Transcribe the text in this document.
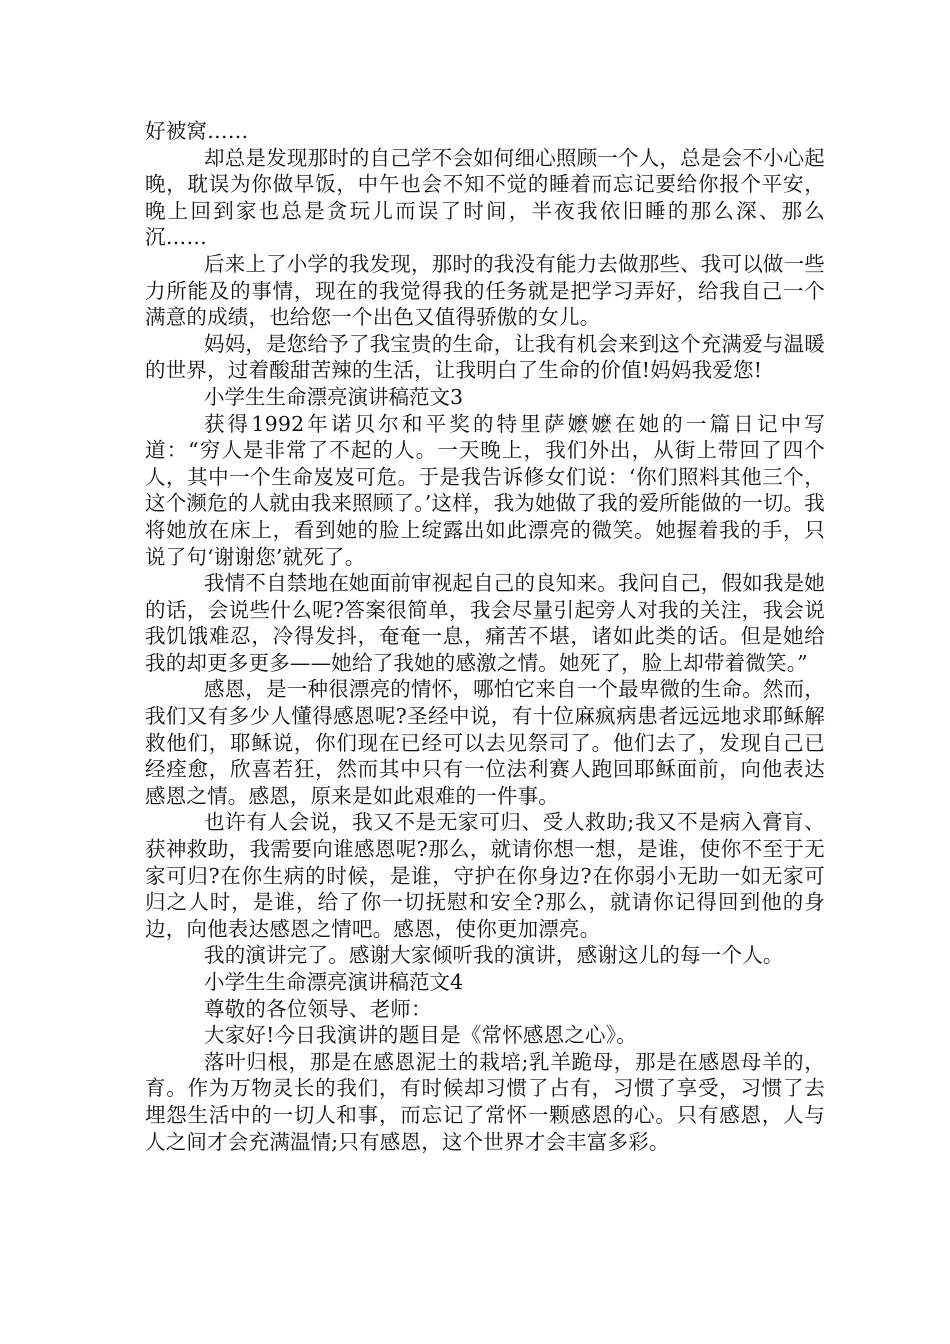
好被窝……

却总是发现那时的自己学不会如何细心照顾一个人，总是会不小心起晚，耽误为你做早饭，中午也会不知不觉的睡着而忘记要给你报个平安，晚上回到家也总是贪玩儿而误了时间，半夜我依旧睡的那么深、那么沉……

后来上了小学的我发现，那时的我没有能力去做那些、我可以做一些力所能及的事情，现在的我觉得我的任务就是把学习弄好，给我自己一个满意的成绩，也给您一个出色又值得骄傲的女儿。

妈妈，是您给予了我宝贵的生命，让我有机会来到这个充满爱与温暖的世界，过着酸甜苦辣的生活，让我明白了生命的价值!妈妈我爱您!

小学生生命漂亮演讲稿范文3

获得1992年诺贝尔和平奖的特里萨嬷嬷在她的一篇日记中写道：“穷人是非常了不起的人。一天晚上，我们外出，从街上带回了四个人，其中一个生命岌岌可危。于是我告诉修女们说：‘你们照料其他三个，这个濒危的人就由我来照顾了。’这样，我为她做了我的爱所能做的一切。我将她放在床上，看到她的脸上绽露出如此漂亮的微笑。她握着我的手，只说了句‘谢谢您’就死了。

我情不自禁地在她面前审视起自己的良知来。我问自己，假如我是她的话，会说些什么呢?答案很简单，我会尽量引起旁人对我的关注，我会说我饥饿难忍，冷得发抖，奄奄一息，痛苦不堪，诸如此类的话。但是她给我的却更多更多——她给了我她的感激之情。她死了，脸上却带着微笑。”

感恩，是一种很漂亮的情怀，哪怕它来自一个最卑微的生命。然而，我们又有多少人懂得感恩呢?圣经中说，有十位麻疯病患者远远地求耶稣解救他们，耶稣说，你们现在已经可以去见祭司了。他们去了，发现自己已经痊愈，欣喜若狂，然而其中只有一位法利赛人跑回耶稣面前，向他表达感恩之情。感恩，原来是如此艰难的一件事。

也许有人会说，我又不是无家可归、受人救助;我又不是病入膏肓、获神救助，我需要向谁感恩呢?那么，就请你想一想，是谁，使你不至于无家可归?在你生病的时候，是谁，守护在你身边?在你弱小无助一如无家可归之人时，是谁，给了你一切抚慰和安全?那么，就请你记得回到他的身边，向他表达感恩之情吧。感恩，使你更加漂亮。

我的演讲完了。感谢大家倾听我的演讲，感谢这儿的每一个人。

小学生生命漂亮演讲稿范文4

尊敬的各位领导、老师：

大家好!今日我演讲的题目是《常怀感恩之心》。

落叶归根，那是在感恩泥土的栽培;乳羊跪母，那是在感恩母羊的，育。作为万物灵长的我们，有时候却习惯了占有，习惯了享受，习惯了去埋怨生活中的一切人和事，而忘记了常怀一颗感恩的心。只有感恩，人与人之间才会充满温情;只有感恩，这个世界才会丰富多彩。
